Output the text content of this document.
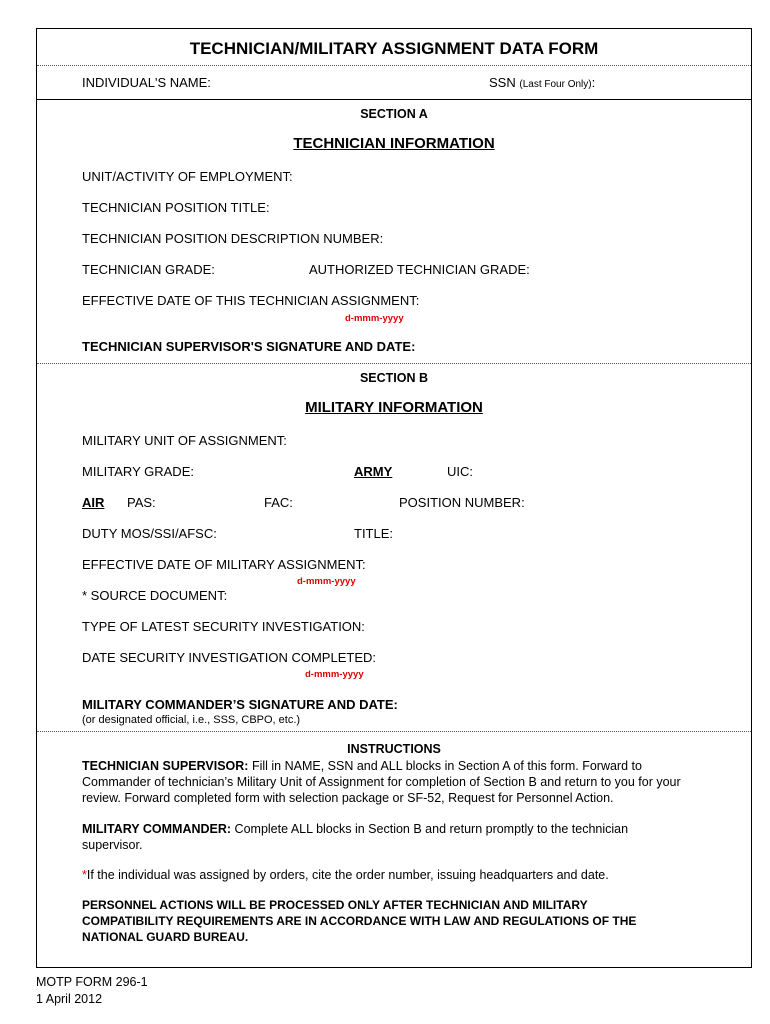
TECHNICIAN/MILITARY ASSIGNMENT DATA FORM
INDIVIDUAL'S NAME:	SSN (Last Four Only):
SECTION A
TECHNICIAN INFORMATION
UNIT/ACTIVITY OF EMPLOYMENT:
TECHNICIAN POSITION TITLE:
TECHNICIAN POSITION DESCRIPTION NUMBER:
TECHNICIAN GRADE:	AUTHORIZED TECHNICIAN GRADE:
EFFECTIVE DATE OF THIS TECHNICIAN ASSIGNMENT:
d-mmm-yyyy
TECHNICIAN SUPERVISOR'S SIGNATURE AND DATE:
SECTION B
MILITARY INFORMATION
MILITARY UNIT OF ASSIGNMENT:
MILITARY GRADE:	ARMY	UIC:
AIR PAS:	FAC:	POSITION NUMBER:
DUTY MOS/SSI/AFSC:	TITLE:
EFFECTIVE DATE OF MILITARY ASSIGNMENT:
d-mmm-yyyy
* SOURCE DOCUMENT:
TYPE OF LATEST SECURITY INVESTIGATION:
DATE SECURITY INVESTIGATION COMPLETED:
d-mmm-yyyy
MILITARY COMMANDER’S SIGNATURE AND DATE:
(or designated official, i.e., SSS, CBPO, etc.)
INSTRUCTIONS
TECHNICIAN SUPERVISOR: Fill in NAME, SSN and ALL blocks in Section A of this form. Forward to Commander of technician’s Military Unit of Assignment for completion of Section B and return to you for your review. Forward completed form with selection package or SF-52, Request for Personnel Action.
MILITARY COMMANDER: Complete ALL blocks in Section B and return promptly to the technician supervisor.
*If the individual was assigned by orders, cite the order number, issuing headquarters and date.
PERSONNEL ACTIONS WILL BE PROCESSED ONLY AFTER TECHNICIAN AND MILITARY COMPATIBILITY REQUIREMENTS ARE IN ACCORDANCE WITH LAW AND REGULATIONS OF THE NATIONAL GUARD BUREAU.
MOTP FORM 296-1
1 April 2012
